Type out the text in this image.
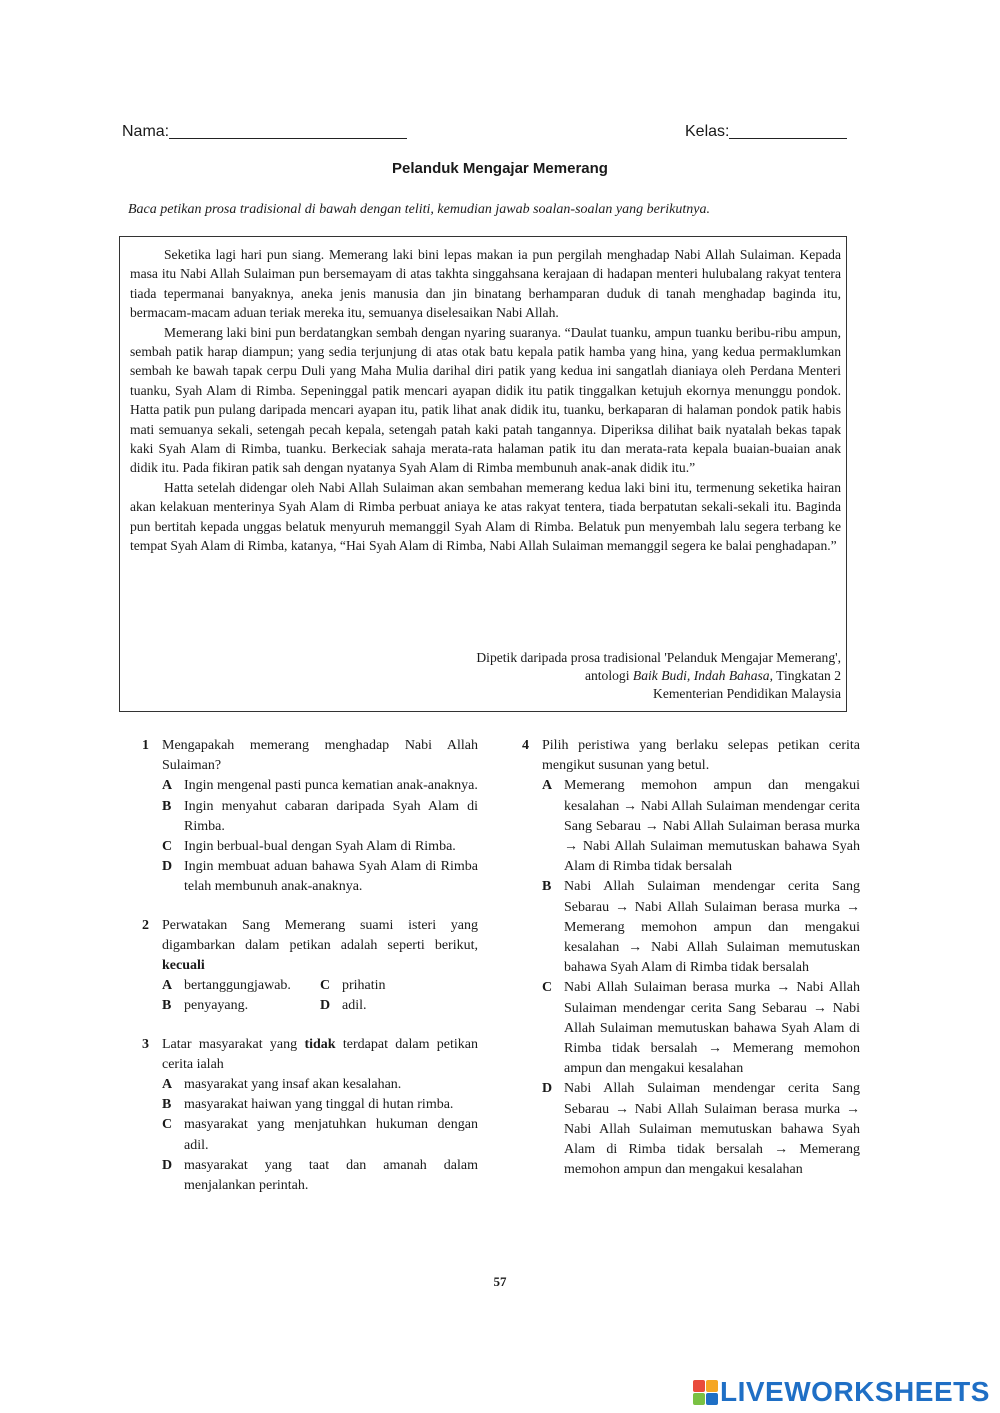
Nama:	Kelas:
Pelanduk Mengajar Memerang
Baca petikan prosa tradisional di bawah dengan teliti, kemudian jawab soalan-soalan yang berikutnya.

Seketika lagi hari pun siang. Memerang laki bini lepas makan ia pun pergilah menghadap Nabi Allah Sulaiman. Kepada masa itu Nabi Allah Sulaiman pun bersemayam di atas takhta singgahsana kerajaan di hadapan menteri hulubalang rakyat tentera tiada tepermanai banyaknya, aneka jenis manusia dan jin binatang berhamparan duduk di tanah menghadap baginda itu, bermacam-macam aduan teriak mereka itu, semuanya diselesaikan Nabi Allah.

Memerang laki bini pun berdatangkan sembah dengan nyaring suaranya. “Daulat tuanku, ampun tuanku beribu-ribu ampun, sembah patik harap diampun; yang sedia terjunjung di atas otak batu kepala patik hamba yang hina, yang kedua permaklumkan sembah ke bawah tapak cerpu Duli yang Maha Mulia darihal diri patik yang kedua ini sangatlah dianiaya oleh Perdana Menteri tuanku, Syah Alam di Rimba. Sepeninggal patik mencari ayapan didik itu patik tinggalkan ketujuh ekornya menunggu pondok. Hatta patik pun pulang daripada mencari ayapan itu, patik lihat anak didik itu, tuanku, berkaparan di halaman pondok patik habis mati semuanya sekali, setengah pecah kepala, setengah patah kaki patah tangannya. Diperiksa dilihat baik nyatalah bekas tapak kaki Syah Alam di Rimba, tuanku. Berkeciak sahaja merata-rata halaman patik itu dan merata-rata kepala buaian-buaian anak didik itu. Pada fikiran patik sah dengan nyatanya Syah Alam di Rimba membunuh anak-anak didik itu.”

Hatta setelah didengar oleh Nabi Allah Sulaiman akan sembahan memerang kedua laki bini itu, termenung seketika hairan akan kelakuan menterinya Syah Alam di Rimba perbuat aniaya ke atas rakyat tentera, tiada berpatutan sekali-sekali itu. Baginda pun bertitah kepada unggas belatuk menyuruh memanggil Syah Alam di Rimba. Belatuk pun menyembah lalu segera terbang ke tempat Syah Alam di Rimba, katanya, “Hai Syah Alam di Rimba, Nabi Allah Sulaiman memanggil segera ke balai penghadapan.”

Dipetik daripada prosa tradisional 'Pelanduk Mengajar Memerang',
antologi Baik Budi, Indah Bahasa, Tingkatan 2
Kementerian Pendidikan Malaysia
1 Mengapakah memerang menghadap Nabi Allah Sulaiman?
A Ingin mengenal pasti punca kematian anak-anaknya.
B Ingin menyahut cabaran daripada Syah Alam di Rimba.
C Ingin berbual-bual dengan Syah Alam di Rimba.
D Ingin membuat aduan bahawa Syah Alam di Rimba telah membunuh anak-anaknya.
2 Perwatakan Sang Memerang suami isteri yang digambarkan dalam petikan adalah seperti berikut, kecuali
A bertanggungjawab.	C prihatin
B penyayang.	D adil.
3 Latar masyarakat yang tidak terdapat dalam petikan cerita ialah
A masyarakat yang insaf akan kesalahan.
B masyarakat haiwan yang tinggal di hutan rimba.
C masyarakat yang menjatuhkan hukuman dengan adil.
D masyarakat yang taat dan amanah dalam menjalankan perintah.
4 Pilih peristiwa yang berlaku selepas petikan cerita mengikut susunan yang betul.
A Memerang memohon ampun dan mengakui kesalahan → Nabi Allah Sulaiman mendengar cerita Sang Sebarau → Nabi Allah Sulaiman berasa murka → Nabi Allah Sulaiman memutuskan bahawa Syah Alam di Rimba tidak bersalah
B Nabi Allah Sulaiman mendengar cerita Sang Sebarau → Nabi Allah Sulaiman berasa murka → Memerang memohon ampun dan mengakui kesalahan → Nabi Allah Sulaiman memutuskan bahawa Syah Alam di Rimba tidak bersalah
C Nabi Allah Sulaiman berasa murka → Nabi Allah Sulaiman mendengar cerita Sang Sebarau → Nabi Allah Sulaiman memutuskan bahawa Syah Alam di Rimba tidak bersalah → Memerang memohon ampun dan mengakui kesalahan
D Nabi Allah Sulaiman mendengar cerita Sang Sebarau → Nabi Allah Sulaiman berasa murka → Nabi Allah Sulaiman memutuskan bahawa Syah Alam di Rimba tidak bersalah → Memerang memohon ampun dan mengakui kesalahan
57
LIVEWORKSHEETS
